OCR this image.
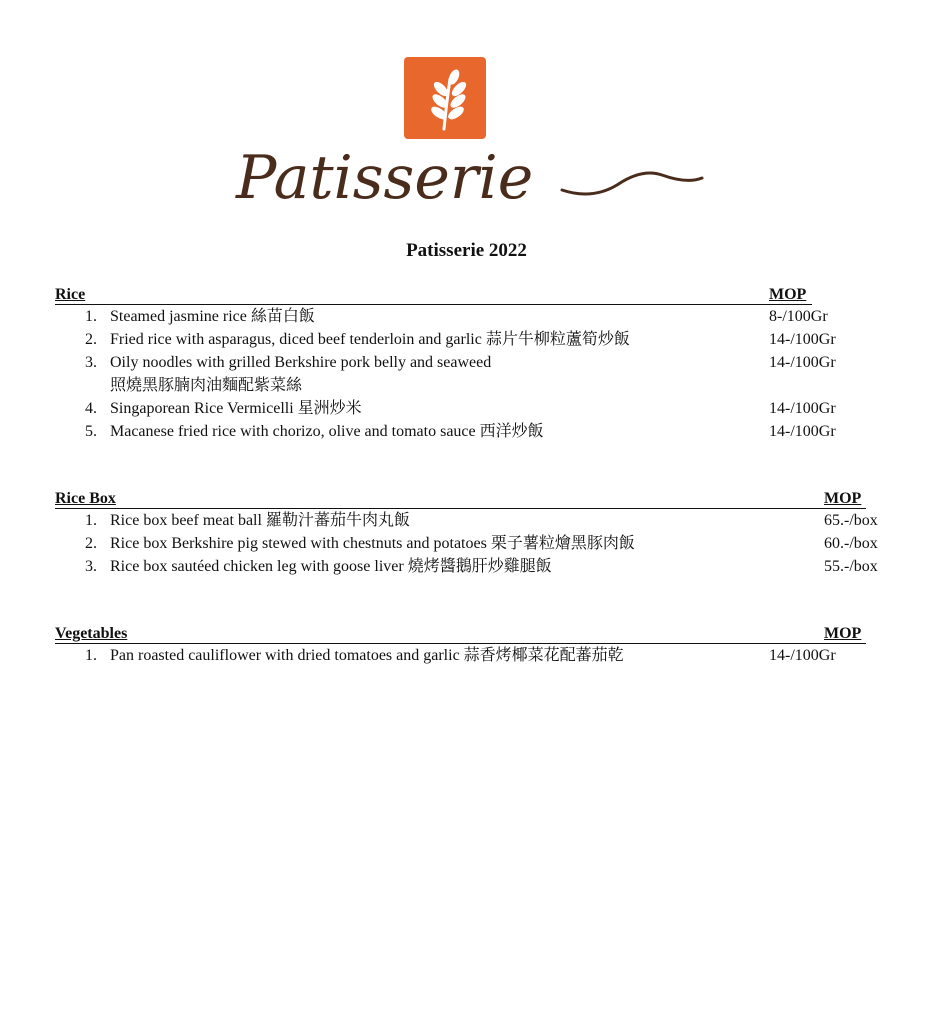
Patisserie
Patisserie 2022
Rice	MOP
1. Steamed jasmine rice 絲苗白飯	8-/100Gr

2. Fried rice with asparagus, diced beef tenderloin and garlic 蒜片牛柳粒蘆筍炒飯	14-/100Gr

3. Oily noodles with grilled Berkshire pork belly and seaweed
照燒黑豚腩肉油麵配紫菜絲
14-/100Gr
4. Singaporean Rice Vermicelli 星洲炒米	14-/100Gr

5. Macanese fried rice with chorizo, olive and tomato sauce 西洋炒飯	14-/100Gr

Rice Box	MOP
1. Rice box beef meat ball 羅勒汁蕃茄牛肉丸飯	65.-/box

2. Rice box Berkshire pig stewed with chestnuts and potatoes 栗子薯粒燴黑豚肉飯	60.-/box

3. Rice box sautéed chicken leg with goose liver 燒烤醬鵝肝炒雞腿飯	55.-/box

Vegetables	MOP
1. Pan roasted cauliflower with dried tomatoes and garlic 蒜香烤椰菜花配蕃茄乾	14-/100Gr
